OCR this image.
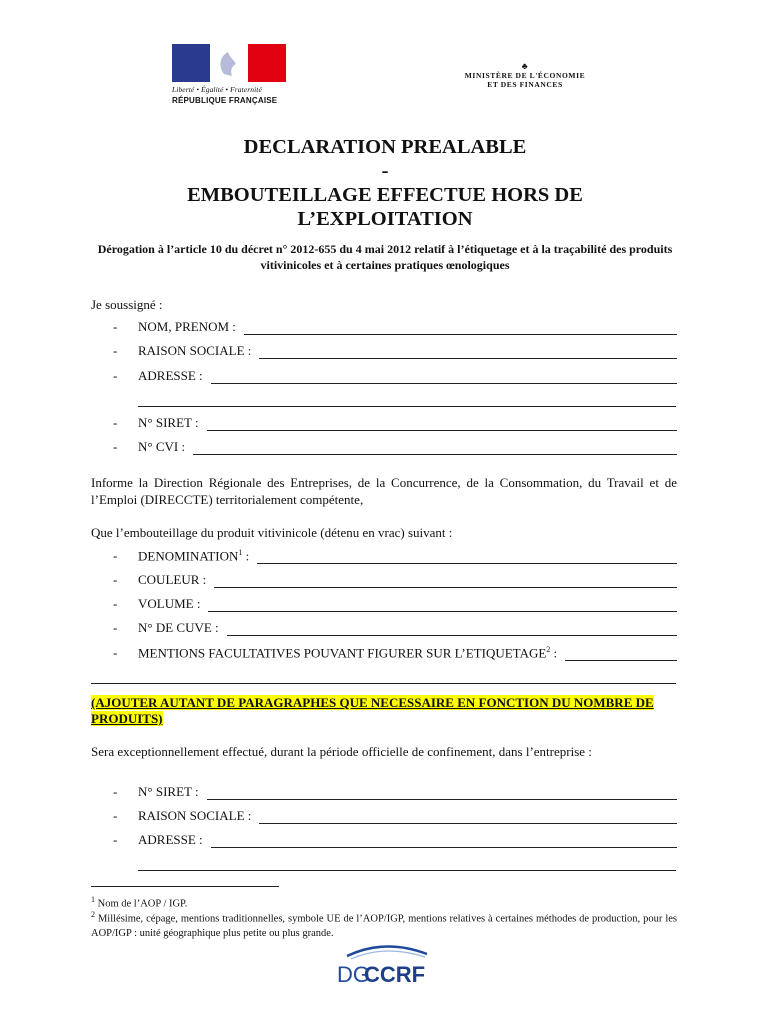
Liberté • Égalité • Fraternité
RÉPUBLIQUE FRANÇAISE
♣
MINISTÈRE DE L'ÉCONOMIE
ET DES FINANCES
DECLARATION PREALABLE
-
EMBOUTEILLAGE EFFECTUE HORS DE
L’EXPLOITATION
Dérogation à l’article 10 du décret n° 2012-655 du 4 mai 2012 relatif à l’étiquetage et à la traçabilité des produits vitivinicoles et à certaines pratiques œnologiques
Je soussigné :
-	NOM, PRENOM :
-	RAISON SOCIALE :
-	ADRESSE :
-	N° SIRET :
-	N° CVI :
Informe la Direction Régionale des Entreprises, de la Concurrence, de la Consommation, du Travail et de l’Emploi (DIRECCTE) territorialement compétente,
Que l’embouteillage du produit vitivinicole (détenu en vrac) suivant :
-	DENOMINATION$^1$ :
-	COULEUR :
-	VOLUME :
-	N° DE CUVE :
-	MENTIONS FACULTATIVES POUVANT FIGURER SUR L’ETIQUETAGE$^2$ :
(AJOUTER AUTANT DE PARAGRAPHES QUE NECESSAIRE EN FONCTION DU NOMBRE DE PRODUITS)
Sera exceptionnellement effectué, durant la période officielle de confinement, dans l’entreprise :
-	N° SIRET :
-	RAISON SOCIALE :
-	ADRESSE :
$^1$ Nom de l’AOP / IGP.
$^2$ Millésime, cépage, mentions traditionnelles, symbole UE de l’AOP/IGP, mentions relatives à certaines méthodes de production, pour les AOP/IGP : unité géographique plus petite ou plus grande.
DG
CCRF
